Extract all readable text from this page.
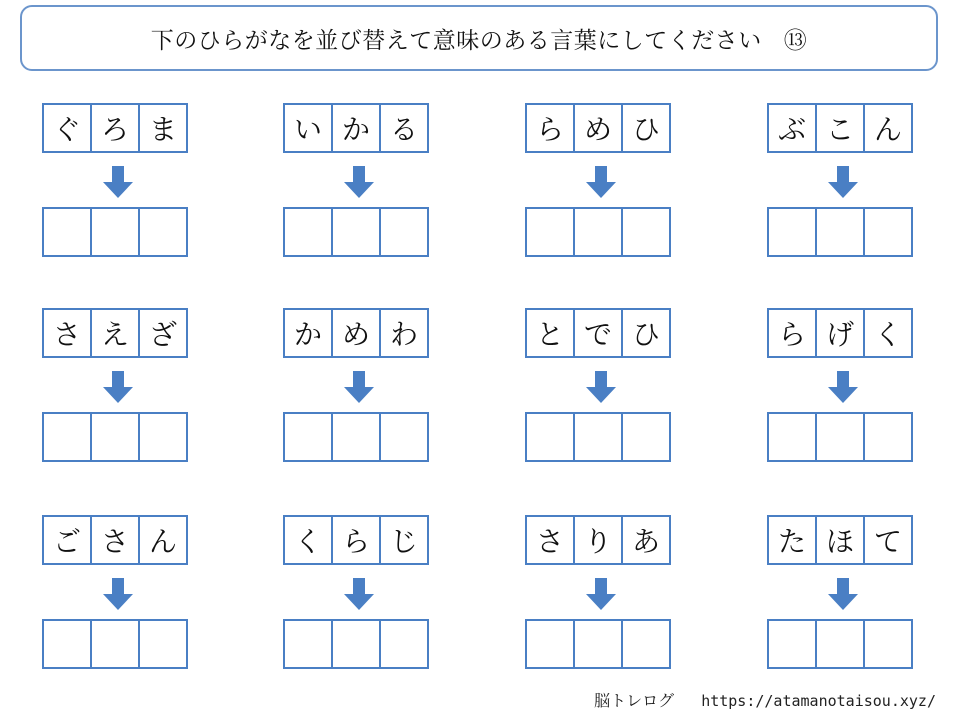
下のひらがなを並び替えて意味のある言葉にしてください ⑬
ぐ ろ ま	い か る	ら め ひ	ぶ こ ん
さ え ざ	か め わ	と で ひ	ら げ く
ご さ ん	く ら じ	さ り あ	た ほ て
脳トレログ https://atamanotaisou.xyz/
